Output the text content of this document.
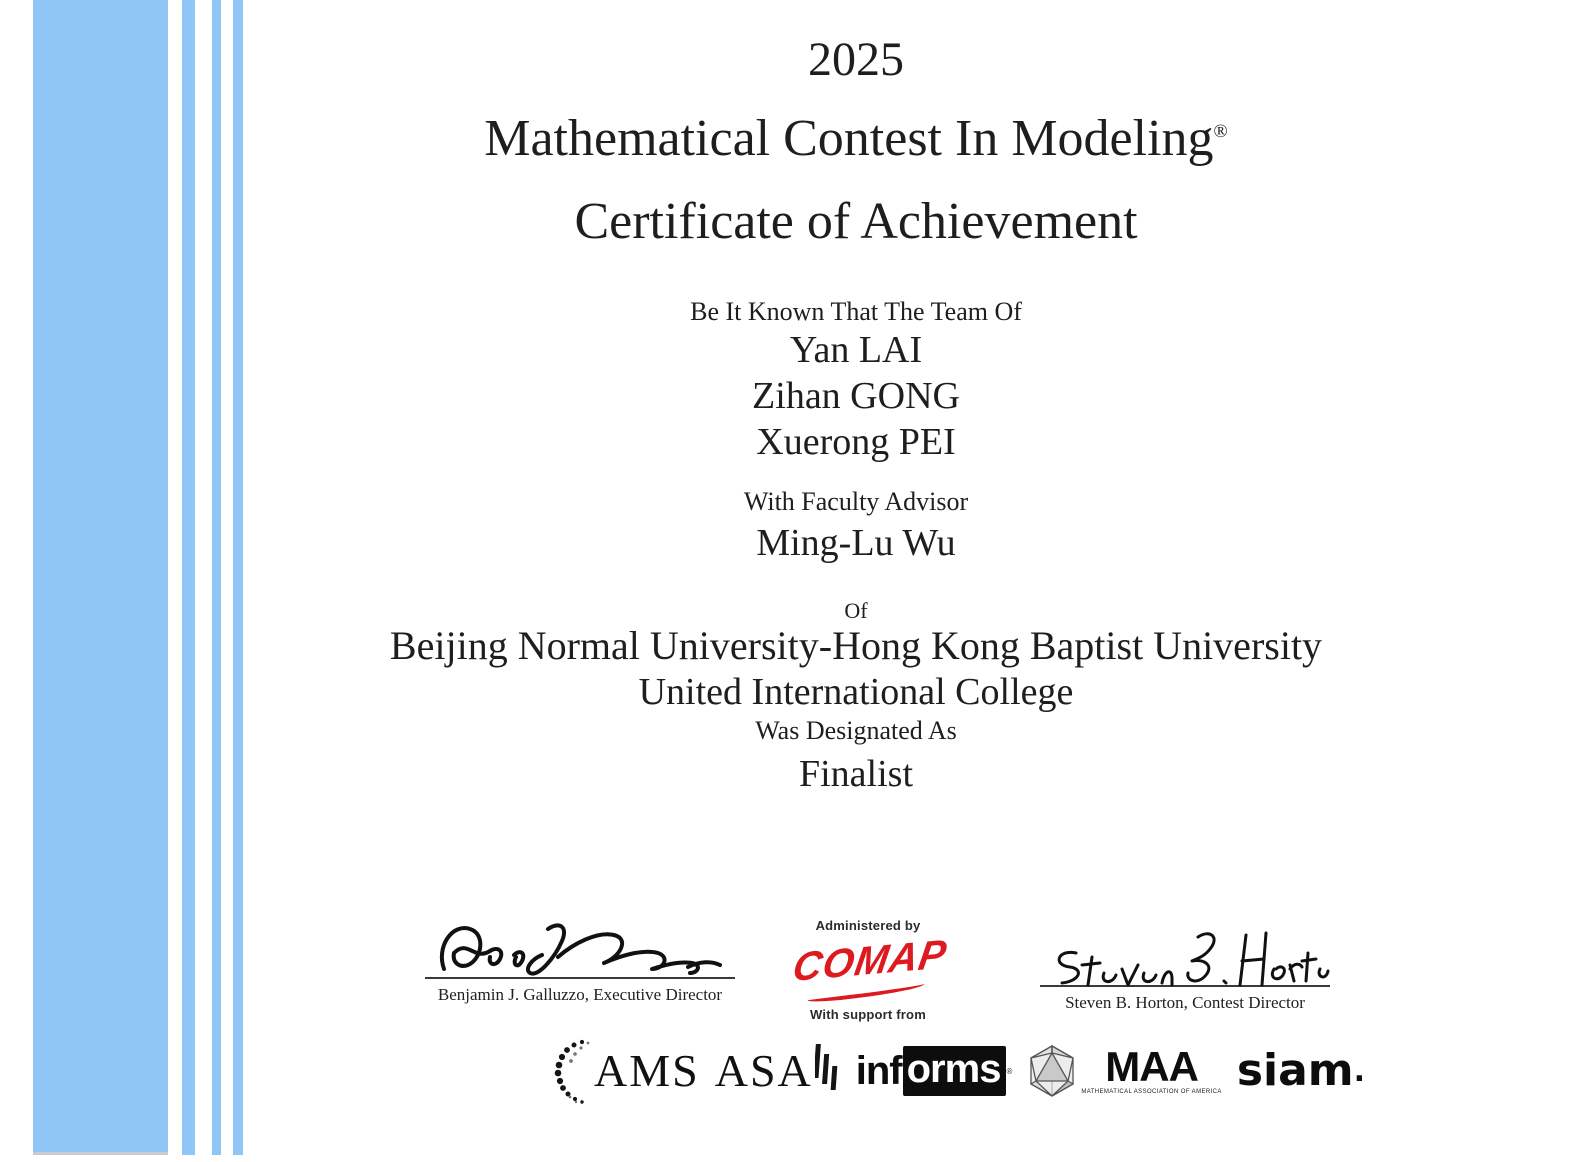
2025
Mathematical Contest In Modeling®
Certificate of Achievement
Be It Known That The Team Of
Yan LAI
Zihan GONG
Xuerong PEI
With Faculty Advisor
Ming-Lu Wu
Of
Beijing Normal University-Hong Kong Baptist University
United International College
Was Designated As
Finalist
Benjamin J. Galluzzo, Executive Director
Administered by
COMAP
With support from
Steven B. Horton, Contest Director
AMS ASA inf orms ® MAA
MATHEMATICAL ASSOCIATION OF AMERICA siam .
